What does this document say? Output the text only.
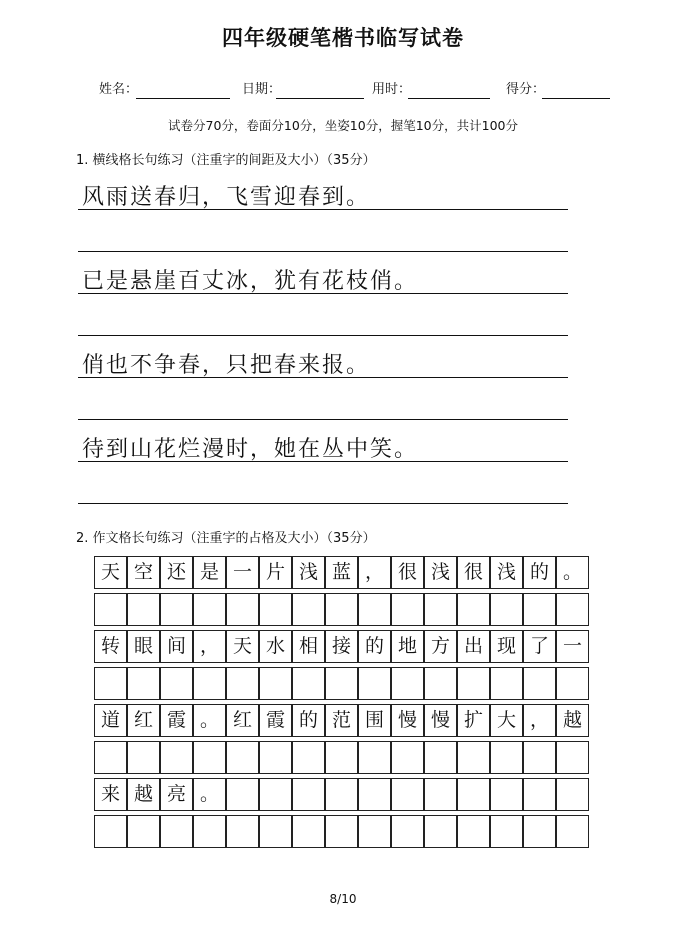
四年级硬笔楷书临写试卷
姓名：	日期：	用时：	得分：
试卷分70分，卷面分10分，坐姿10分，握笔10分，共计100分
1. 横线格长句练习（注重字的间距及大小）（35分）
风雨送春归，飞雪迎春到。
已是悬崖百丈冰，犹有花枝俏。
俏也不争春，只把春来报。
待到山花烂漫时，她在丛中笑。
2. 作文格长句练习（注重字的占格及大小）（35分）
天 空 还 是 一 片 浅 蓝 ， 很 浅 很 浅 的 。
转 眼 间 ， 天 水 相 接 的 地 方 出 现 了 一
道 红 霞 。 红 霞 的 范 围 慢 慢 扩 大 ， 越
来 越 亮 。
8/10
